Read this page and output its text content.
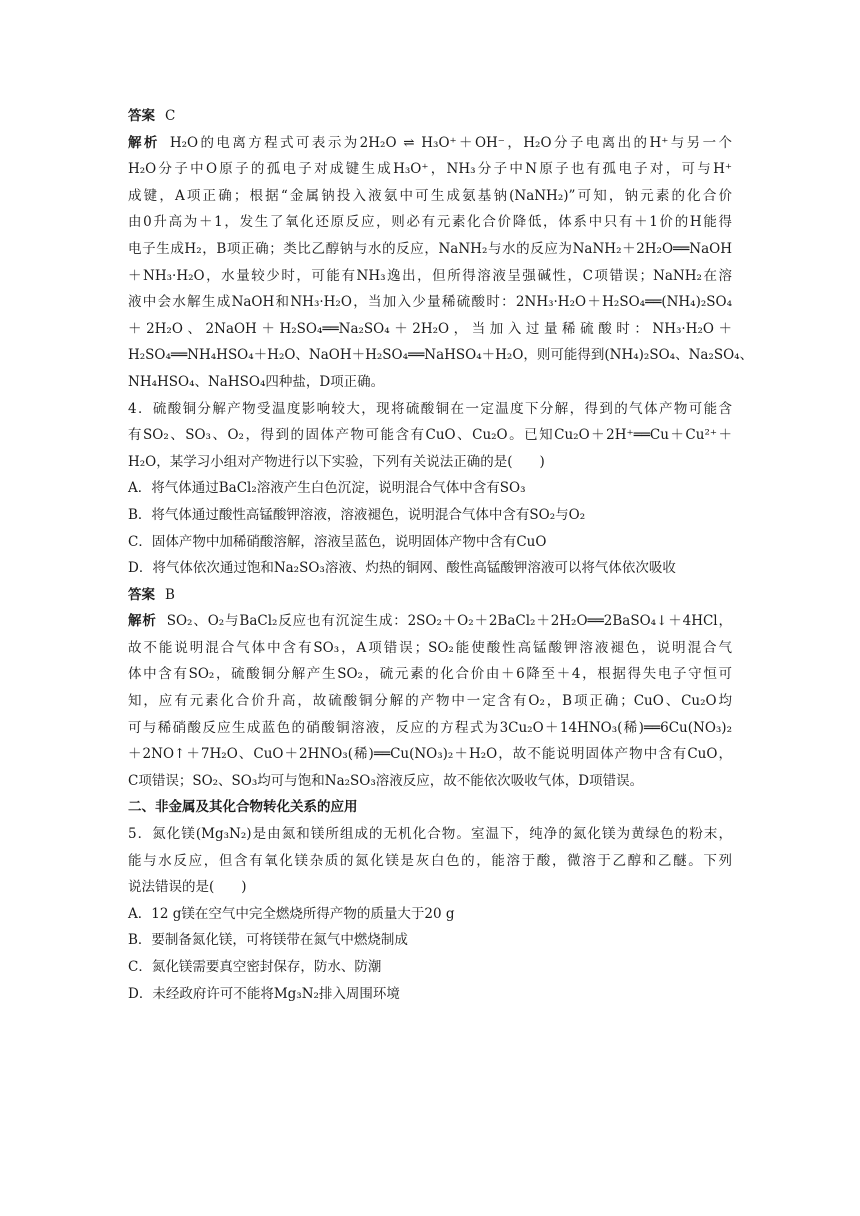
答案 C
解析 H₂O的电离方程式可表示为2H₂O ⇌ H₃O⁺＋OH⁻，H₂O分子电离出的H⁺与另一个
H₂O分子中O原子的孤电子对成键生成H₃O⁺，NH₃分子中N原子也有孤电子对，可与H⁺
成键，A项正确；根据“金属钠投入液氨中可生成氨基钠(NaNH₂)”可知，钠元素的化合价
由0升高为＋1，发生了氧化还原反应，则必有元素化合价降低，体系中只有＋1价的H能得
电子生成H₂，B项正确；类比乙醇钠与水的反应，NaNH₂与水的反应为NaNH₂＋2H₂O══NaOH
＋NH₃·H₂O，水量较少时，可能有NH₃逸出，但所得溶液呈强碱性，C项错误；NaNH₂在溶
液中会水解生成NaOH和NH₃·H₂O，当加入少量稀硫酸时：2NH₃·H₂O＋H₂SO₄══(NH₄)₂SO₄
＋2H₂O、2NaOH＋H₂SO₄══Na₂SO₄＋2H₂O，当加入过量稀硫酸时：NH₃·H₂O＋
H₂SO₄══NH₄HSO₄＋H₂O、NaOH＋H₂SO₄══NaHSO₄＋H₂O，则可能得到(NH₄)₂SO₄、Na₂SO₄、
NH₄HSO₄、NaHSO₄四种盐，D项正确。
4．硫酸铜分解产物受温度影响较大，现将硫酸铜在一定温度下分解，得到的气体产物可能含
有SO₂、SO₃、O₂，得到的固体产物可能含有CuO、Cu₂O。已知Cu₂O＋2H⁺══Cu＋Cu²⁺＋
H₂O，某学习小组对产物进行以下实验，下列有关说法正确的是(　　)
A．将气体通过BaCl₂溶液产生白色沉淀，说明混合气体中含有SO₃
B．将气体通过酸性高锰酸钾溶液，溶液褪色，说明混合气体中含有SO₂与O₂
C．固体产物中加稀硝酸溶解，溶液呈蓝色，说明固体产物中含有CuO
D．将气体依次通过饱和Na₂SO₃溶液、灼热的铜网、酸性高锰酸钾溶液可以将气体依次吸收
答案 B
解析 SO₂、O₂与BaCl₂反应也有沉淀生成：2SO₂＋O₂＋2BaCl₂＋2H₂O══2BaSO₄↓＋4HCl，
故不能说明混合气体中含有SO₃，A项错误；SO₂能使酸性高锰酸钾溶液褪色，说明混合气
体中含有SO₂，硫酸铜分解产生SO₂，硫元素的化合价由＋6降至＋4，根据得失电子守恒可
知，应有元素化合价升高，故硫酸铜分解的产物中一定含有O₂，B项正确；CuO、Cu₂O均
可与稀硝酸反应生成蓝色的硝酸铜溶液，反应的方程式为3Cu₂O＋14HNO₃(稀)══6Cu(NO₃)₂
＋2NO↑＋7H₂O、CuO＋2HNO₃(稀)══Cu(NO₃)₂＋H₂O，故不能说明固体产物中含有CuO，
C项错误；SO₂、SO₃均可与饱和Na₂SO₃溶液反应，故不能依次吸收气体，D项错误。
二、非金属及其化合物转化关系的应用
5．氮化镁(Mg₃N₂)是由氮和镁所组成的无机化合物。室温下，纯净的氮化镁为黄绿色的粉末，
能与水反应，但含有氧化镁杂质的氮化镁是灰白色的，能溶于酸，微溶于乙醇和乙醚。下列
说法错误的是(　　)
A．12 g镁在空气中完全燃烧所得产物的质量大于20 g
B．要制备氮化镁，可将镁带在氮气中燃烧制成
C．氮化镁需要真空密封保存，防水、防潮
D．未经政府许可不能将Mg₃N₂排入周围环境
